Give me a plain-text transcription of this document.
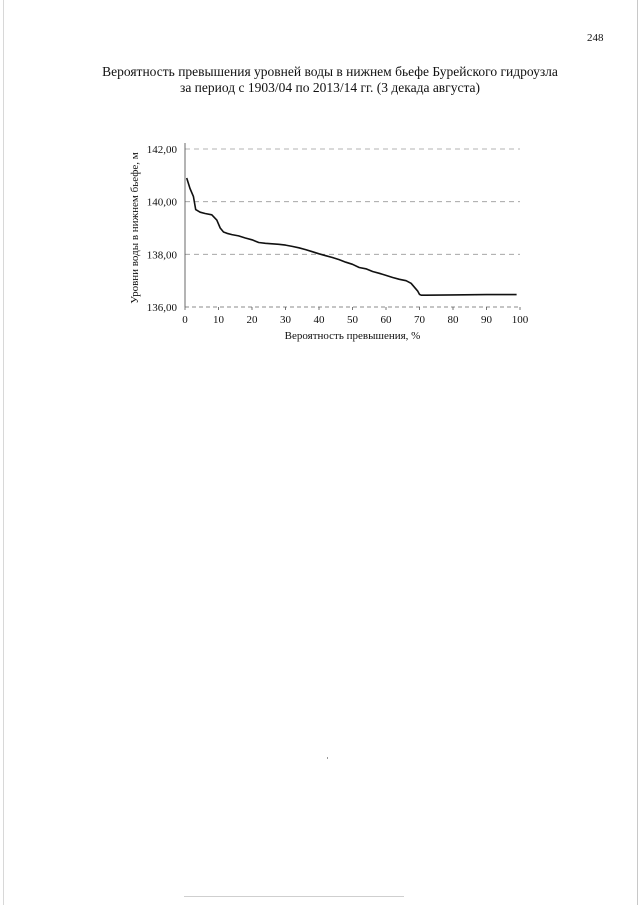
248
Вероятность превышения уровней воды в нижнем бьефе Бурейского гидроузла
за период с 1903/04 по 2013/14 гг. (3 декада августа)
0 10 20 30 40 50 60 70 80 90 100
136,00
138,00
140,00
142,00
Вероятность превышения, %
Уровни воды в нижнем бьефе, м
